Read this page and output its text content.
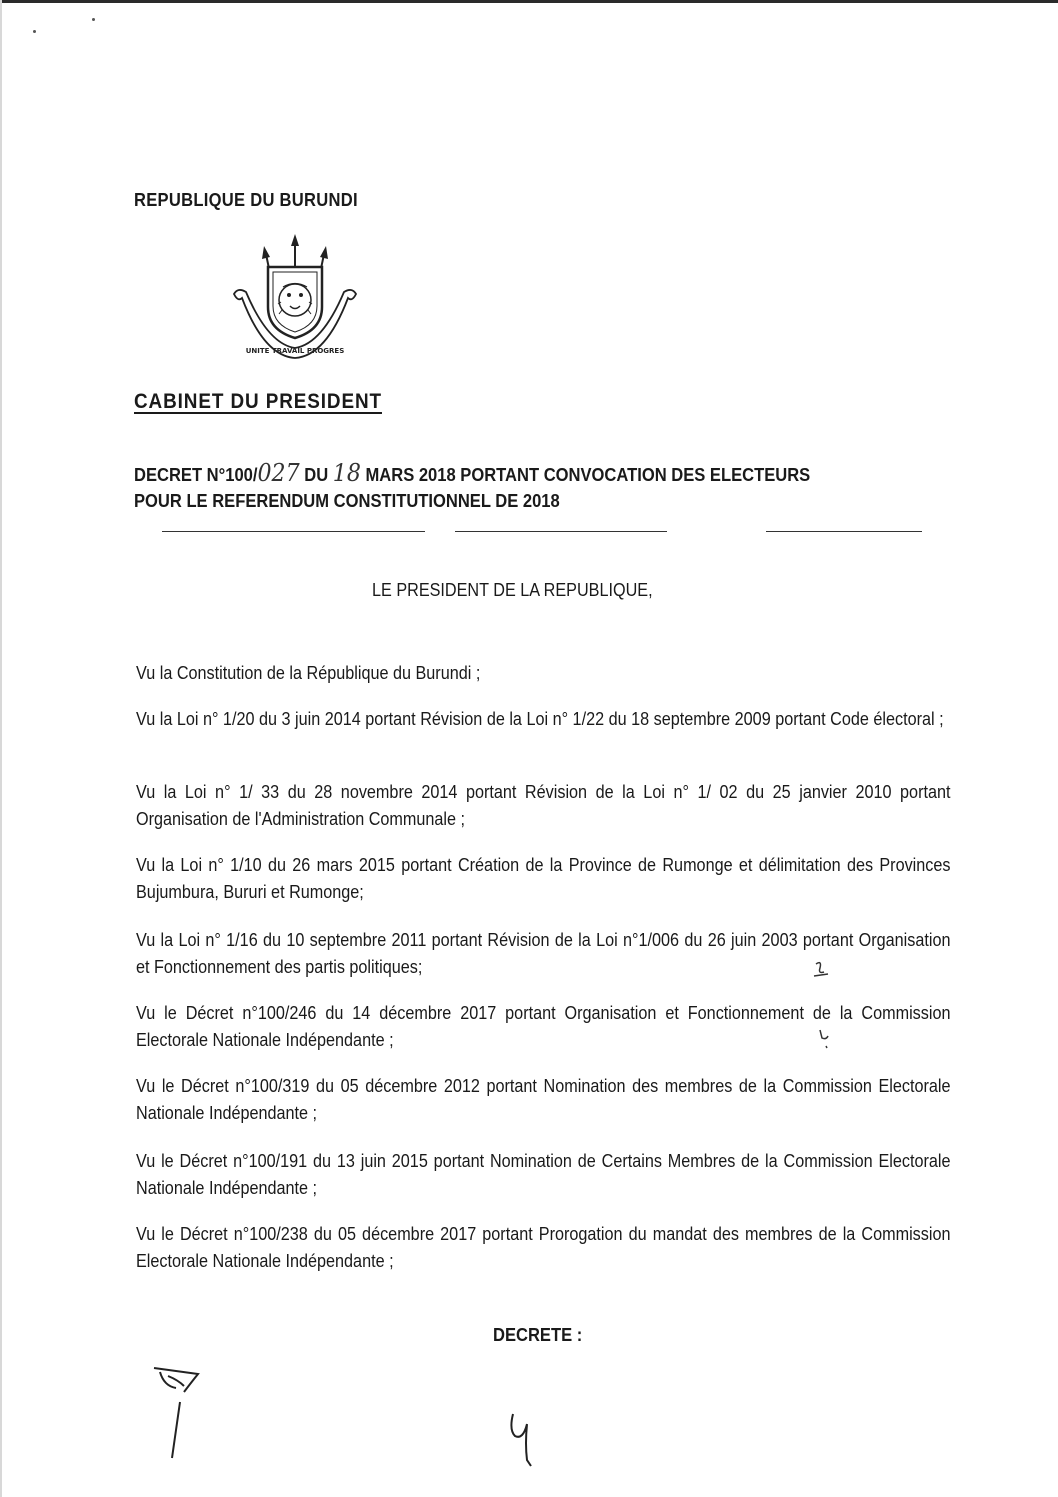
REPUBLIQUE DU BURUNDI
UNITE TRAVAIL PROGRES
CABINET DU PRESIDENT
DECRET N°100/027 DU 18 MARS 2018 PORTANT CONVOCATION DES ELECTEURS
POUR LE REFERENDUM CONSTITUTIONNEL DE 2018
LE PRESIDENT DE LA REPUBLIQUE,
Vu la Constitution de la République du Burundi ;
Vu la Loi n° 1/20 du 3 juin 2014 portant Révision de la Loi n° 1/22 du 18 septembre 2009 portant Code électoral ;
Vu la Loi n° 1/ 33 du 28 novembre 2014 portant Révision de la Loi n° 1/ 02 du 25 janvier 2010 portant Organisation de l'Administration Communale ;
Vu la Loi n° 1/10 du 26 mars 2015 portant Création de la Province de Rumonge et délimitation des Provinces Bujumbura, Bururi et Rumonge;
Vu la Loi n° 1/16 du 10 septembre 2011 portant Révision de la Loi n°1/006 du 26 juin 2003 portant Organisation et Fonctionnement des partis politiques;
Vu le Décret n°100/246 du 14 décembre 2017 portant Organisation et Fonctionnement de la Commission Electorale Nationale Indépendante ;
Vu le Décret n°100/319 du 05 décembre 2012 portant Nomination des membres de la Commission Electorale Nationale Indépendante ;
Vu le Décret n°100/191 du 13 juin 2015 portant Nomination de Certains Membres de la Commission Electorale Nationale Indépendante ;
Vu le Décret n°100/238 du 05 décembre 2017 portant Prorogation du mandat des membres de la Commission Electorale Nationale Indépendante ;
DECRETE :
